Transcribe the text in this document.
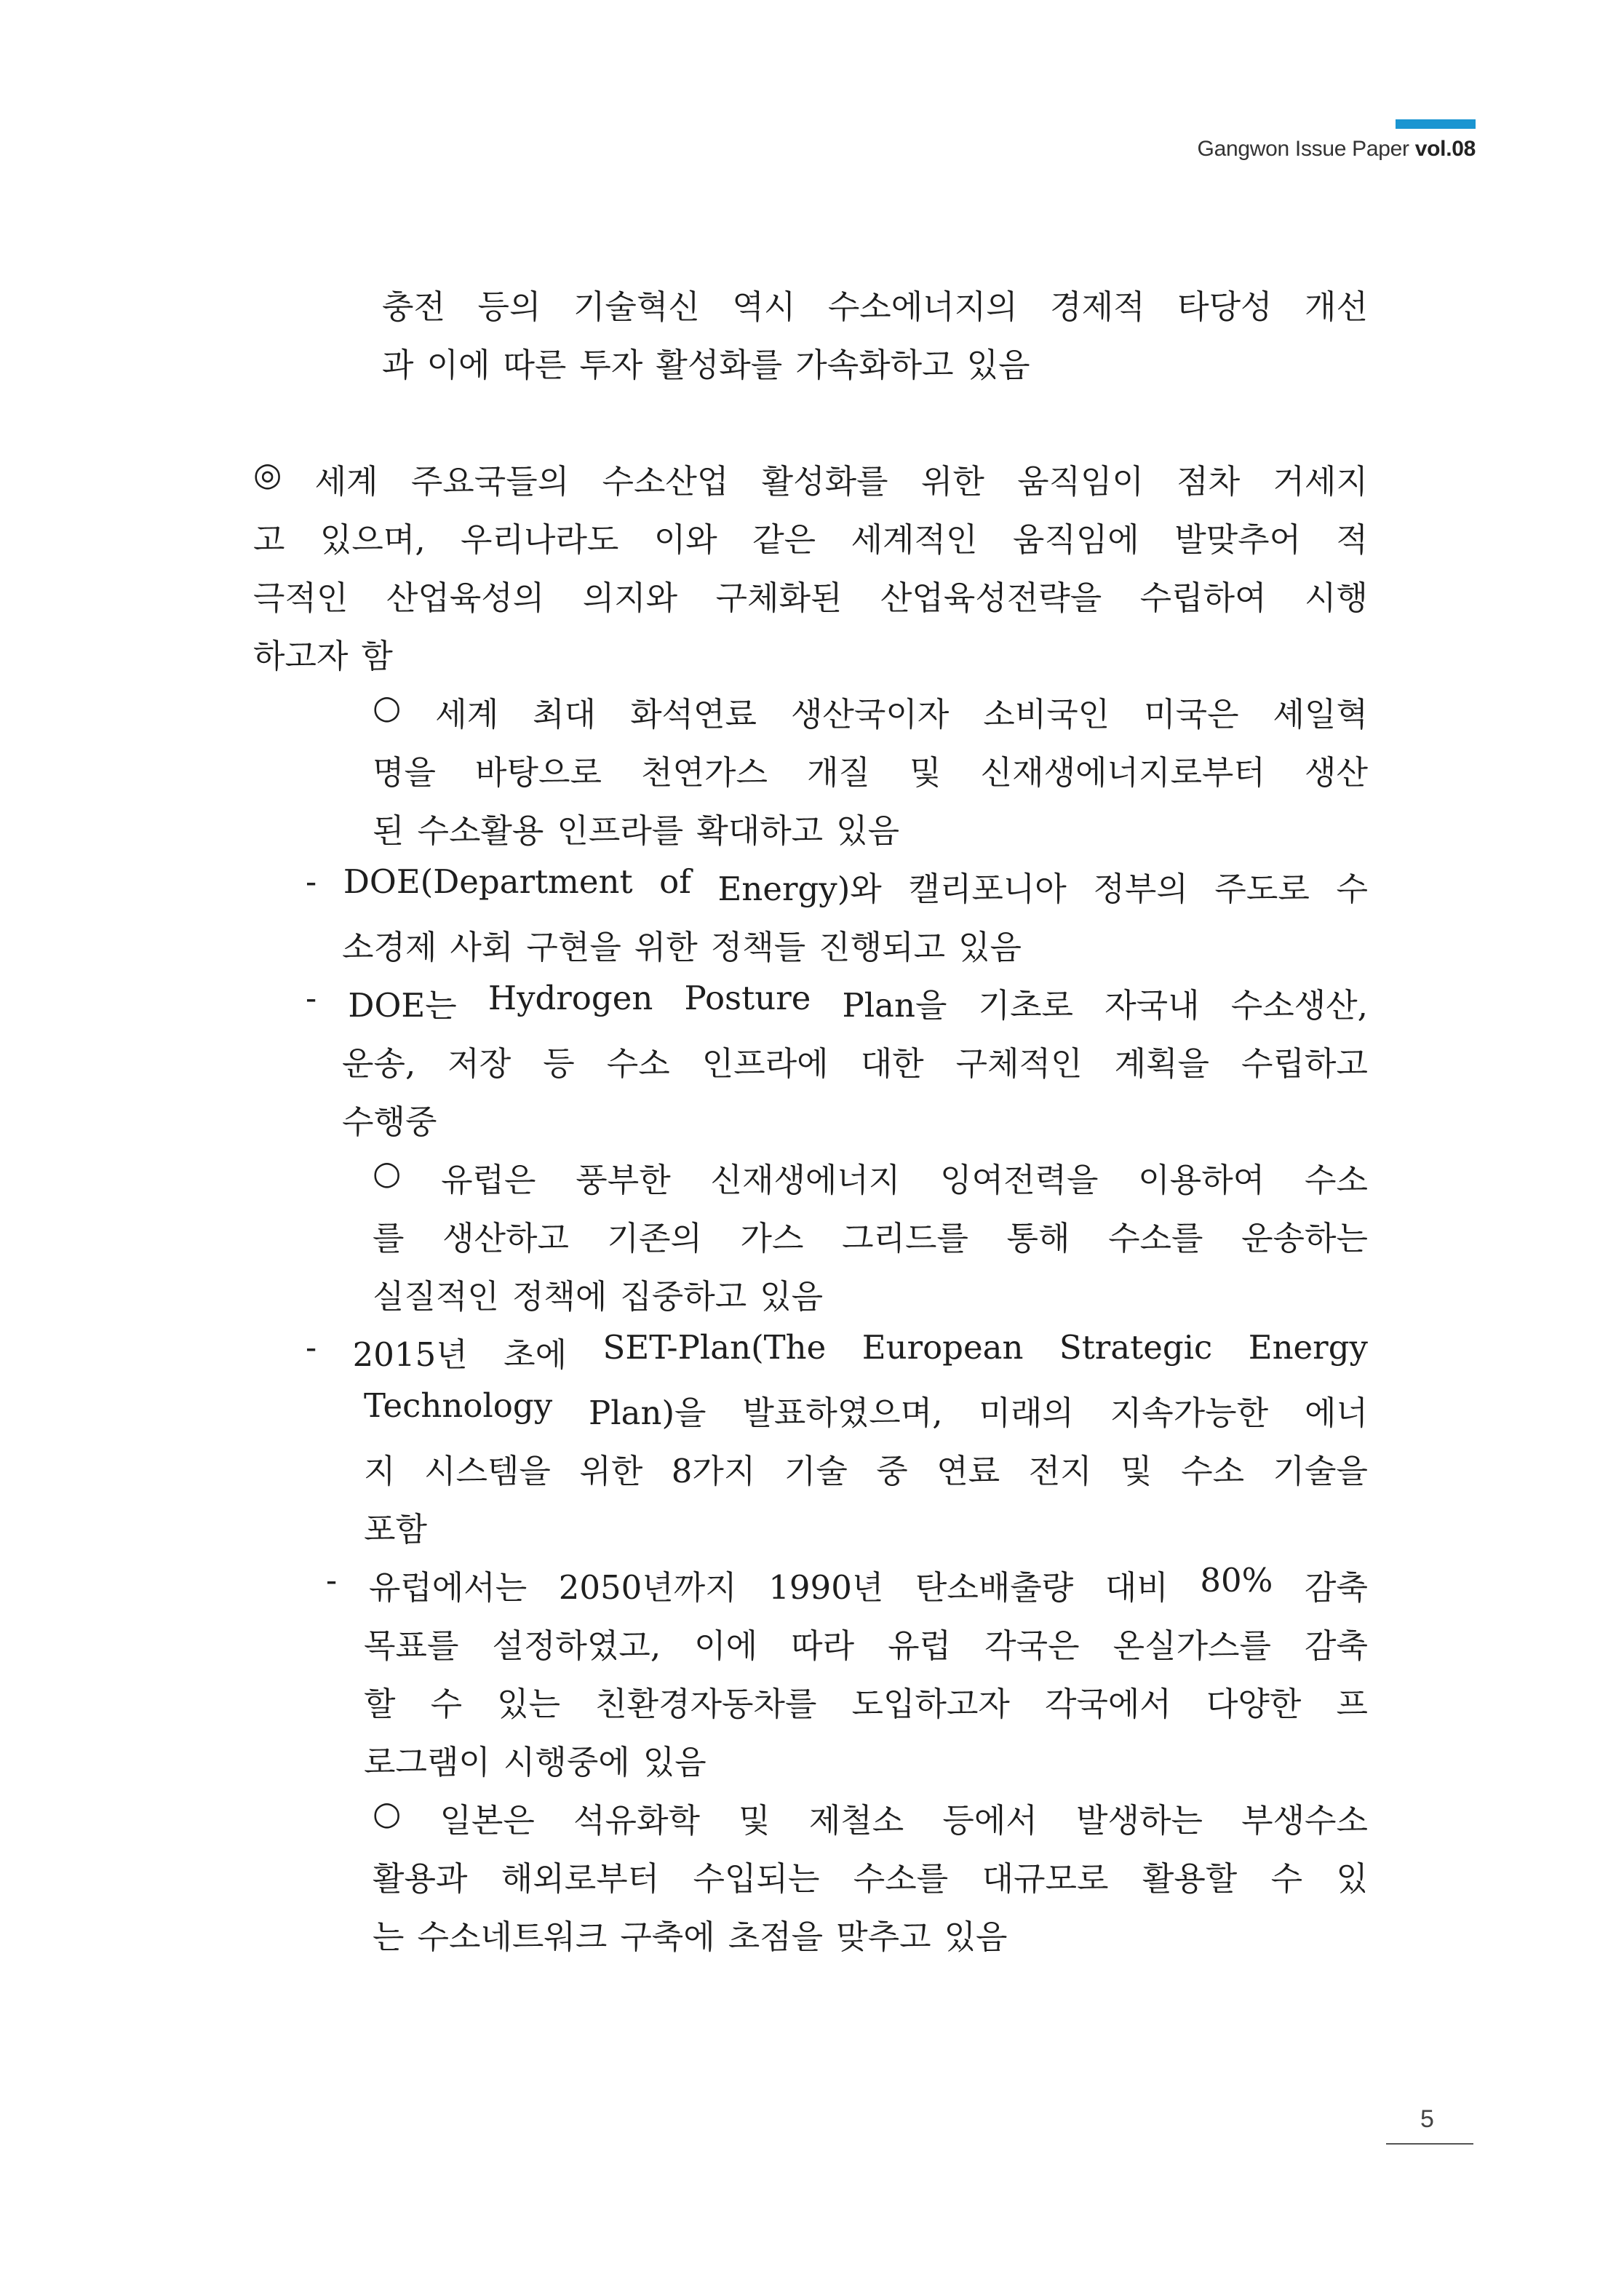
Gangwon Issue Paper vol.08
충전 등의 기술혁신 역시 수소에너지의 경제적 타당성 개선
과 이에 따른 투자 활성화를 가속화하고 있음
◎ 세계 주요국들의 수소산업 활성화를 위한 움직임이 점차 거세지
고 있으며, 우리나라도 이와 같은 세계적인 움직임에 발맞추어 적
극적인 산업육성의 의지와 구체화된 산업육성전략을 수립하여 시행
하고자 함
○ 세계 최대 화석연료 생산국이자 소비국인 미국은 셰일혁
명을 바탕으로 천연가스 개질 및 신재생에너지로부터 생산
된 수소활용 인프라를 확대하고 있음
- DOE(Department of Energy)와 캘리포니아 정부의 주도로 수
소경제 사회 구현을 위한 정책들 진행되고 있음
- DOE는 Hydrogen Posture Plan을 기초로 자국내 수소생산,
운송, 저장 등 수소 인프라에 대한 구체적인 계획을 수립하고
수행중
○ 유럽은 풍부한 신재생에너지 잉여전력을 이용하여 수소
를 생산하고 기존의 가스 그리드를 통해 수소를 운송하는
실질적인 정책에 집중하고 있음
- 2015년 초에 SET-Plan(The European Strategic Energy
Technology Plan)을 발표하였으며, 미래의 지속가능한 에너
지 시스템을 위한 8가지 기술 중 연료 전지 및 수소 기술을
포함
- 유럽에서는 2050년까지 1990년 탄소배출량 대비 80% 감축
목표를 설정하였고, 이에 따라 유럽 각국은 온실가스를 감축
할 수 있는 친환경자동차를 도입하고자 각국에서 다양한 프
로그램이 시행중에 있음
○ 일본은 석유화학 및 제철소 등에서 발생하는 부생수소
활용과 해외로부터 수입되는 수소를 대규모로 활용할 수 있
는 수소네트워크 구축에 초점을 맞추고 있음
5
